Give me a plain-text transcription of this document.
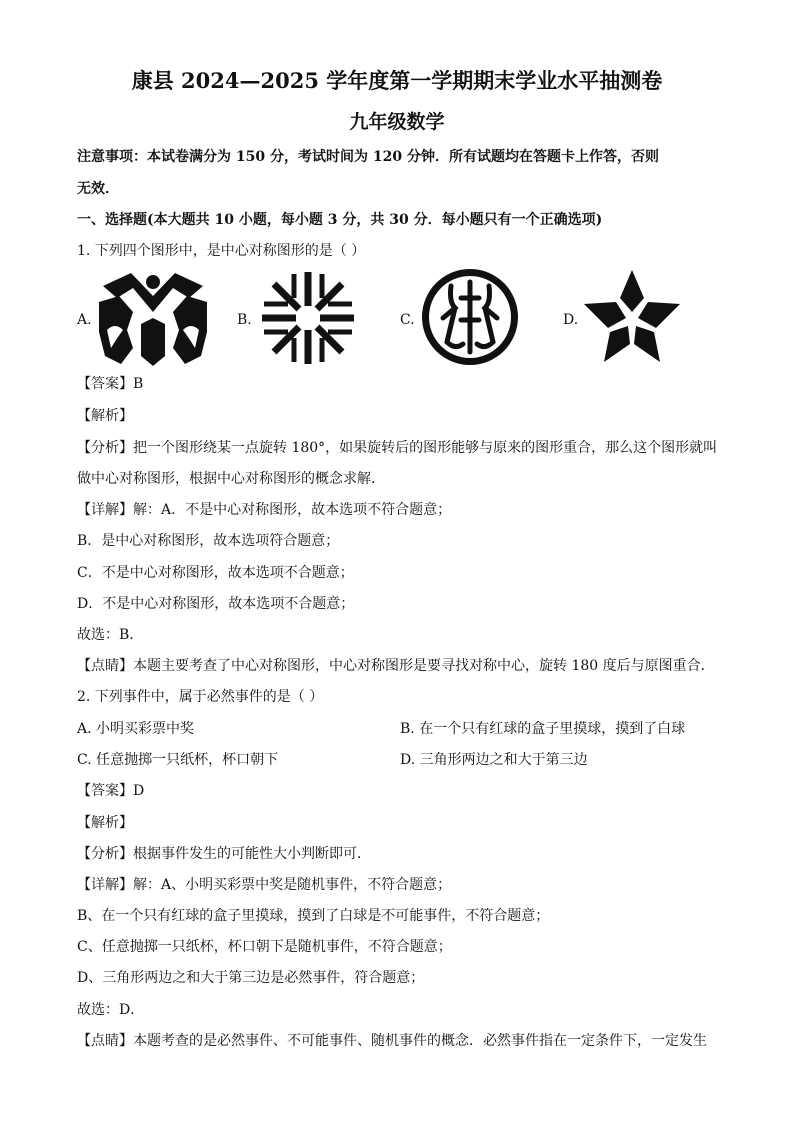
康县 2024—2025 学年度第一学期期末学业水平抽测卷
九年级数学
注意事项：本试卷满分为 150 分，考试时间为 120 分钟．所有试题均在答题卡上作答，否则
无效．
一、选择题(本大题共 10 小题，每小题 3 分，共 30 分．每小题只有一个正确选项)
1. 下列四个图形中，是中心对称图形的是（ ）
A.	B.	C.	D.
【答案】B
【解析】
【分析】把一个图形绕某一点旋转 180°，如果旋转后的图形能够与原来的图形重合，那么这个图形就叫
做中心对称图形，根据中心对称图形的概念求解．
【详解】解：A．不是中心对称图形，故本选项不符合题意；
B．是中心对称图形，故本选项符合题意；
C．不是中心对称图形，故本选项不合题意；
D．不是中心对称图形，故本选项不合题意；
故选：B．
【点睛】本题主要考查了中心对称图形，中心对称图形是要寻找对称中心，旋转 180 度后与原图重合．
2. 下列事件中，属于必然事件的是（ ）
A. 小明买彩票中奖	B. 在一个只有红球的盒子里摸球，摸到了白球
C. 任意抛掷一只纸杯，杯口朝下	D. 三角形两边之和大于第三边
【答案】D
【解析】
【分析】根据事件发生的可能性大小判断即可．
【详解】解：A、小明买彩票中奖是随机事件，不符合题意；
B、在一个只有红球的盒子里摸球，摸到了白球是不可能事件，不符合题意；
C、任意抛掷一只纸杯，杯口朝下是随机事件，不符合题意；
D、三角形两边之和大于第三边是必然事件，符合题意；
故选：D．
【点睛】本题考查的是必然事件、不可能事件、随机事件的概念．必然事件指在一定条件下，一定发生
